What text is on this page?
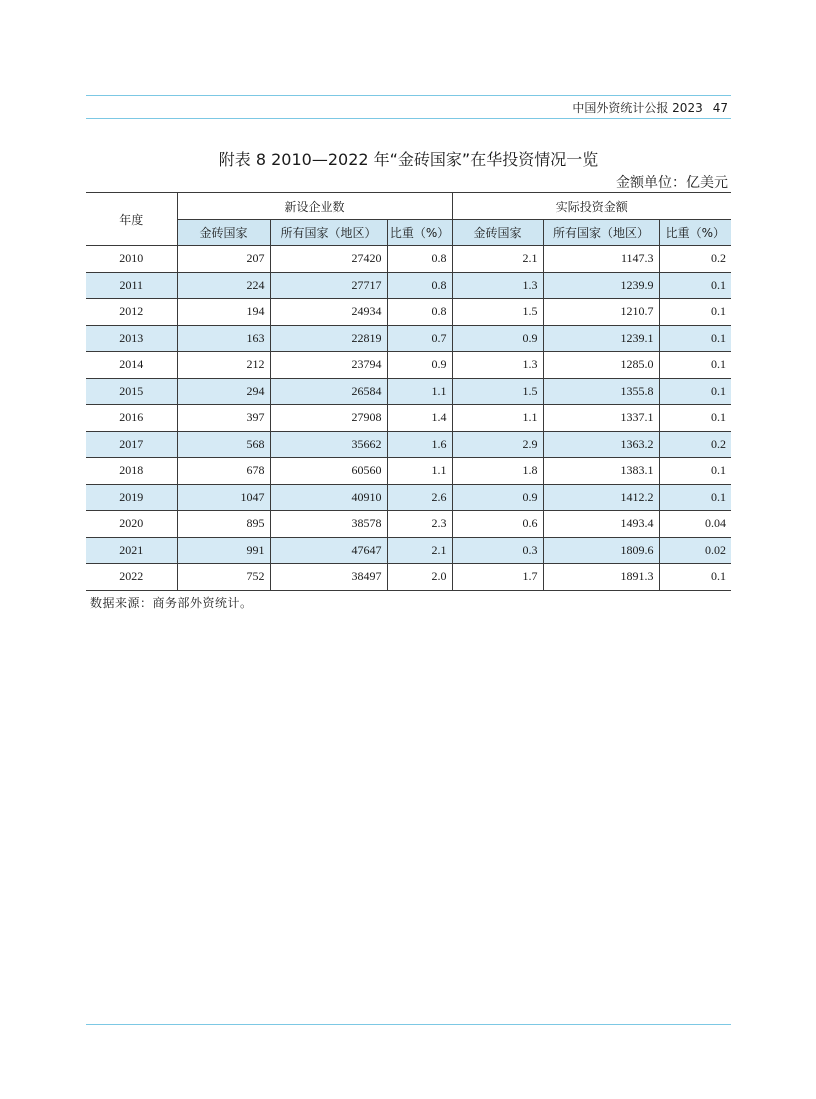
中国外资统计公报 2023 47
附表 8 2010—2022 年“金砖国家”在华投资情况一览
金额单位：亿美元
年度	新设企业数			实际投资金额		
	金砖国家	所有国家（地区）	比重（%）	金砖国家	所有国家（地区）	比重（%）
2010	207	27420	0.8	2.1	1147.3	0.2
2011	224	27717	0.8	1.3	1239.9	0.1
2012	194	24934	0.8	1.5	1210.7	0.1
2013	163	22819	0.7	0.9	1239.1	0.1
2014	212	23794	0.9	1.3	1285.0	0.1
2015	294	26584	1.1	1.5	1355.8	0.1
2016	397	27908	1.4	1.1	1337.1	0.1
2017	568	35662	1.6	2.9	1363.2	0.2
2018	678	60560	1.1	1.8	1383.1	0.1
2019	1047	40910	2.6	0.9	1412.2	0.1
2020	895	38578	2.3	0.6	1493.4	0.04
2021	991	47647	2.1	0.3	1809.6	0.02
2022	752	38497	2.0	1.7	1891.3	0.1
数据来源：商务部外资统计。
